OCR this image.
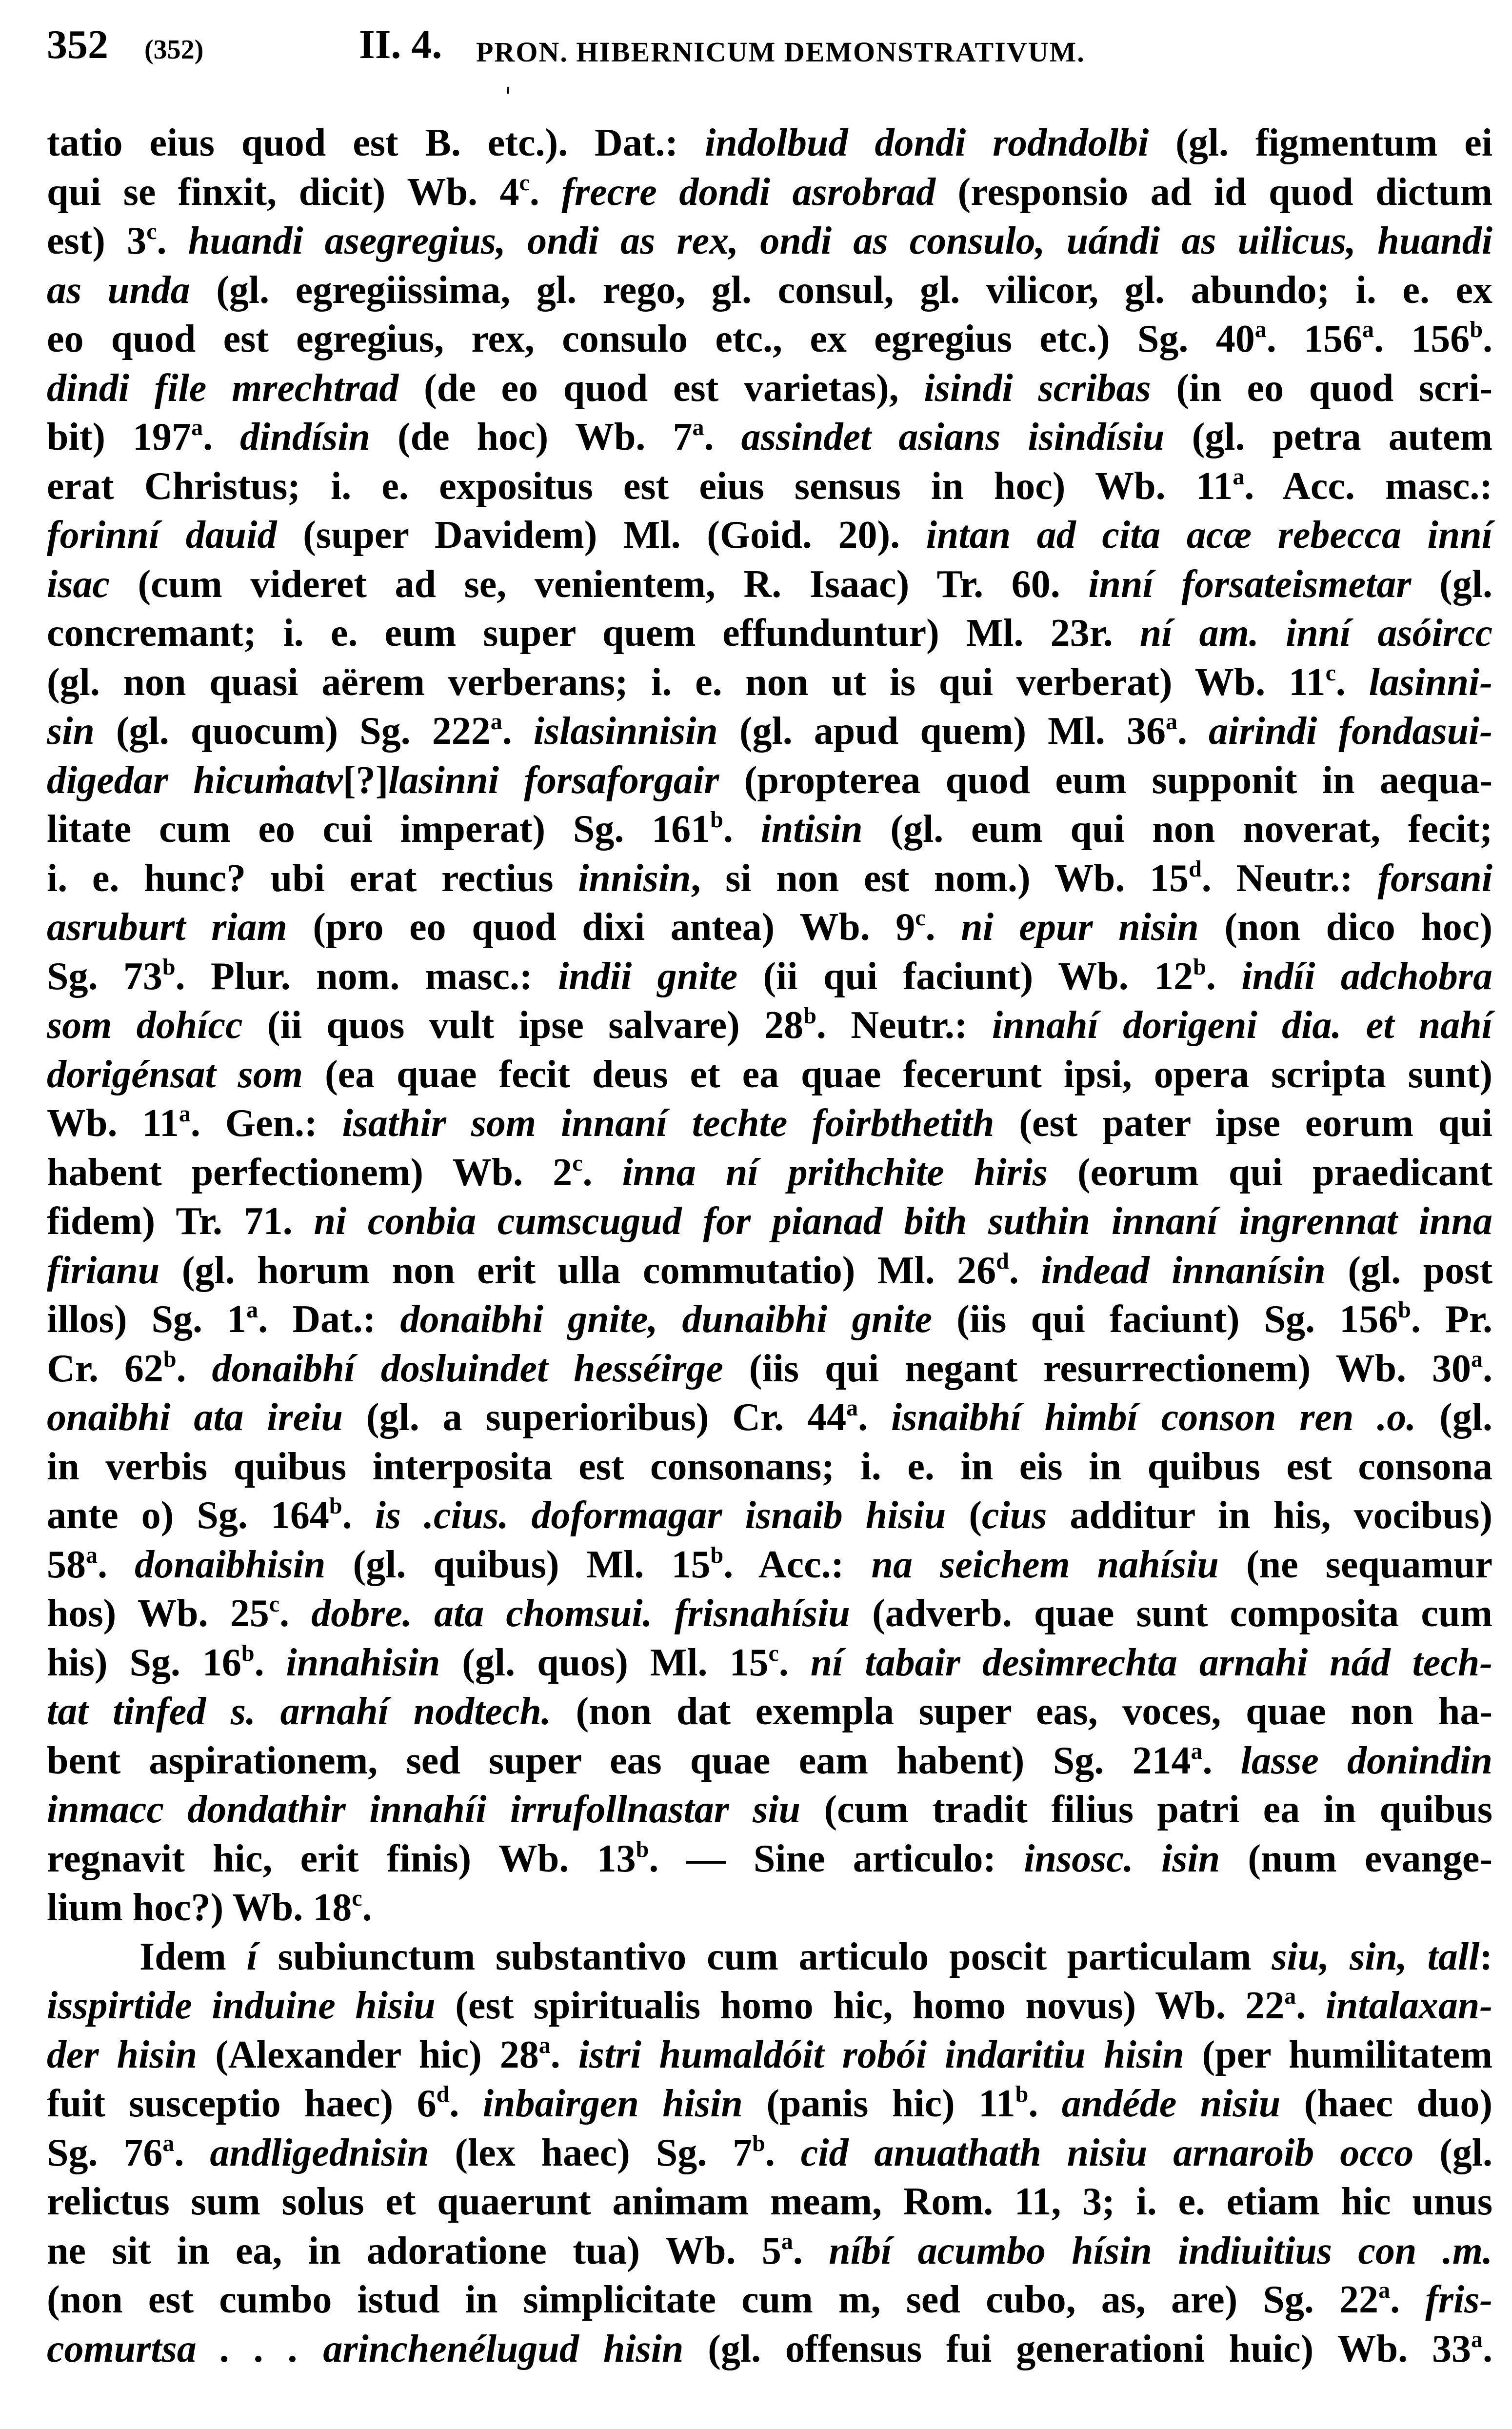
352 (352)	II. 4. PRON. HIBERNICUM DEMONSTRATIVUM.
tatio eius quod est B. etc.). Dat.: indolbud dondi rodndolbi (gl. figmentum ei
qui se finxit, dicit) Wb. 4$^c$. frecre dondi asrobrad (responsio ad id quod dictum
est) 3$^c$. huandi asegregius, ondi as rex, ondi as consulo, uándi as uilicus, huandi
as unda (gl. egregiissima, gl. rego, gl. consul, gl. vilicor, gl. abundo; i. e. ex
eo quod est egregius, rex, consulo etc., ex egregius etc.) Sg. 40$^a$. 156$^a$. 156$^b$.
dindi file mrechtrad (de eo quod est varietas), isindi scribas (in eo quod scri-
bit) 197$^a$. dindísin (de hoc) Wb. 7$^a$. assindet asians isindísiu (gl. petra autem
erat Christus; i. e. expositus est eius sensus in hoc) Wb. 11$^a$. Acc. masc.:
forinní dauid (super Davidem) Ml. (Goid. 20). intan ad cita acæ rebecca inní
isac (cum videret ad se, venientem, R. Isaac) Tr. 60. inní forsateismetar (gl.
concremant; i. e. eum super quem effunduntur) Ml. 23r. ní am. inní asóircc
(gl. non quasi aërem verberans; i. e. non ut is qui verberat) Wb. 11$^c$. lasinni-
sin (gl. quocum) Sg. 222$^a$. islasinnisin (gl. apud quem) Ml. 36$^a$. airindi fondasui-
digedar hicuṁatv[?]lasinni forsaforgair (propterea quod eum supponit in aequa-
litate cum eo cui imperat) Sg. 161$^b$. intisin (gl. eum qui non noverat, fecit;
i. e. hunc? ubi erat rectius innisin, si non est nom.) Wb. 15$^d$. Neutr.: forsani
asruburt riam (pro eo quod dixi antea) Wb. 9$^c$. ni epur nisin (non dico hoc)
Sg. 73$^b$. Plur. nom. masc.: indii gnite (ii qui faciunt) Wb. 12$^b$. indíi adchobra
som dohícc (ii quos vult ipse salvare) 28$^b$. Neutr.: innahí dorigeni dia. et nahí
dorigénsat som (ea quae fecit deus et ea quae fecerunt ipsi, opera scripta sunt)
Wb. 11$^a$. Gen.: isathir som innaní techte foirbthetith (est pater ipse eorum qui
habent perfectionem) Wb. 2$^c$. inna ní prithchite hiris (eorum qui praedicant
fidem) Tr. 71. ni conbia cumscugud for pianad bith suthin innaní ingrennat inna
firianu (gl. horum non erit ulla commutatio) Ml. 26$^d$. indead innanísin (gl. post
illos) Sg. 1$^a$. Dat.: donaibhi gnite, dunaibhi gnite (iis qui faciunt) Sg. 156$^b$. Pr.
Cr. 62$^b$. donaibhí dosluindet hesséirge (iis qui negant resurrectionem) Wb. 30$^a$.
onaibhi ata ireiu (gl. a superioribus) Cr. 44$^a$. isnaibhí himbí conson ren .o. (gl.
in verbis quibus interposita est consonans; i. e. in eis in quibus est consona
ante o) Sg. 164$^b$. is .cius. doformagar isnaib hisiu (cius additur in his, vocibus)
58$^a$. donaibhisin (gl. quibus) Ml. 15$^b$. Acc.: na seichem nahísiu (ne sequamur
hos) Wb. 25$^c$. dobre. ata chomsui. frisnahísiu (adverb. quae sunt composita cum
his) Sg. 16$^b$. innahisin (gl. quos) Ml. 15$^c$. ní tabair desimrechta arnahi nád tech-
tat tinfed s. arnahí nodtech. (non dat exempla super eas, voces, quae non ha-
bent aspirationem, sed super eas quae eam habent) Sg. 214$^a$. lasse donindin
inmacc dondathir innahíi irrufollnastar siu (cum tradit filius patri ea in quibus
regnavit hic, erit finis) Wb. 13$^b$. — Sine articulo: insosc. isin (num evange-
lium hoc?) Wb. 18$^c$.
Idem í subiunctum substantivo cum articulo poscit particulam siu, sin, tall:
isspirtide induine hisiu (est spiritualis homo hic, homo novus) Wb. 22$^a$. intalaxan-
der hisin (Alexander hic) 28$^a$. istri humaldóit robói indaritiu hisin (per humilitatem
fuit susceptio haec) 6$^d$. inbairgen hisin (panis hic) 11$^b$. andéde nisiu (haec duo)
Sg. 76$^a$. andligednisin (lex haec) Sg. 7$^b$. cid anuathath nisiu arnaroib occo (gl.
relictus sum solus et quaerunt animam meam, Rom. 11, 3; i. e. etiam hic unus
ne sit in ea, in adoratione tua) Wb. 5$^a$. níbí acumbo hísin indiuitius con .m.
(non est cumbo istud in simplicitate cum m, sed cubo, as, are) Sg. 22$^a$. fris-
comurtsa . . . arinchenélugud hisin (gl. offensus fui generationi huic) Wb. 33$^a$.
